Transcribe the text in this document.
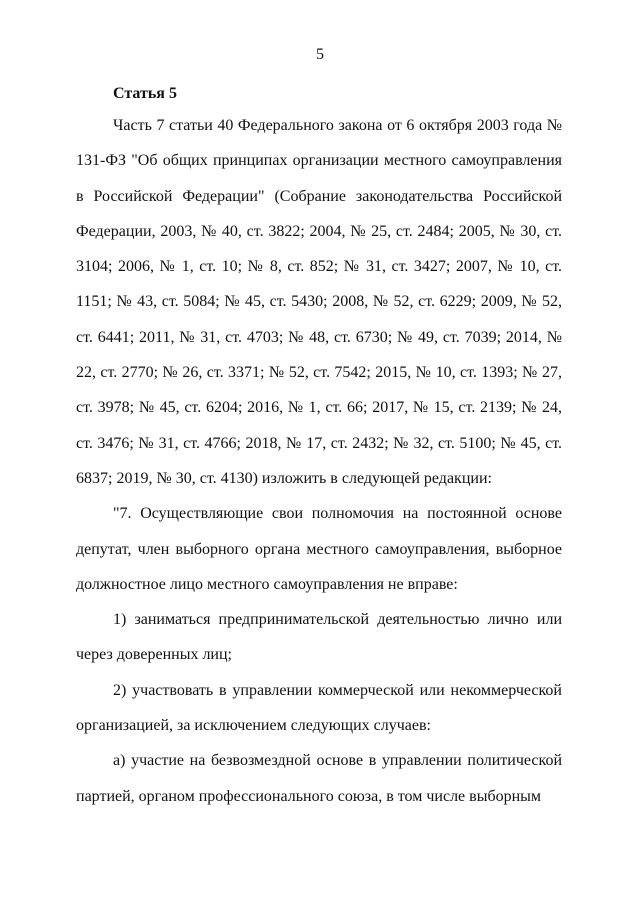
5
Статья 5

Часть 7 статьи 40 Федерального закона от 6 октября 2003 года № 131-ФЗ "Об общих принципах организации местного самоуправления в Российской Федерации" (Собрание законодательства Российской Федерации, 2003, № 40, ст. 3822; 2004, № 25, ст. 2484; 2005, № 30, ст. 3104; 2006, № 1, ст. 10; № 8, ст. 852; № 31, ст. 3427; 2007, № 10, ст. 1151; № 43, ст. 5084; № 45, ст. 5430; 2008, № 52, ст. 6229; 2009, № 52, ст. 6441; 2011, № 31, ст. 4703; № 48, ст. 6730; № 49, ст. 7039; 2014, № 22, ст. 2770; № 26, ст. 3371; № 52, ст. 7542; 2015, № 10, ст. 1393; № 27, ст. 3978; № 45, ст. 6204; 2016, № 1, ст. 66; 2017, № 15, ст. 2139; № 24, ст. 3476; № 31, ст. 4766; 2018, № 17, ст. 2432; № 32, ст. 5100; № 45, ст. 6837; 2019, № 30, ст. 4130) изложить в следующей редакции:

"7. Осуществляющие свои полномочия на постоянной основе депутат, член выборного органа местного самоуправления, выборное должностное лицо местного самоуправления не вправе:

1) заниматься предпринимательской деятельностью лично или через доверенных лиц;

2) участвовать в управлении коммерческой или некоммерческой организацией, за исключением следующих случаев:

а) участие на безвозмездной основе в управлении политической партией, органом профессионального союза, в том числе выборным
